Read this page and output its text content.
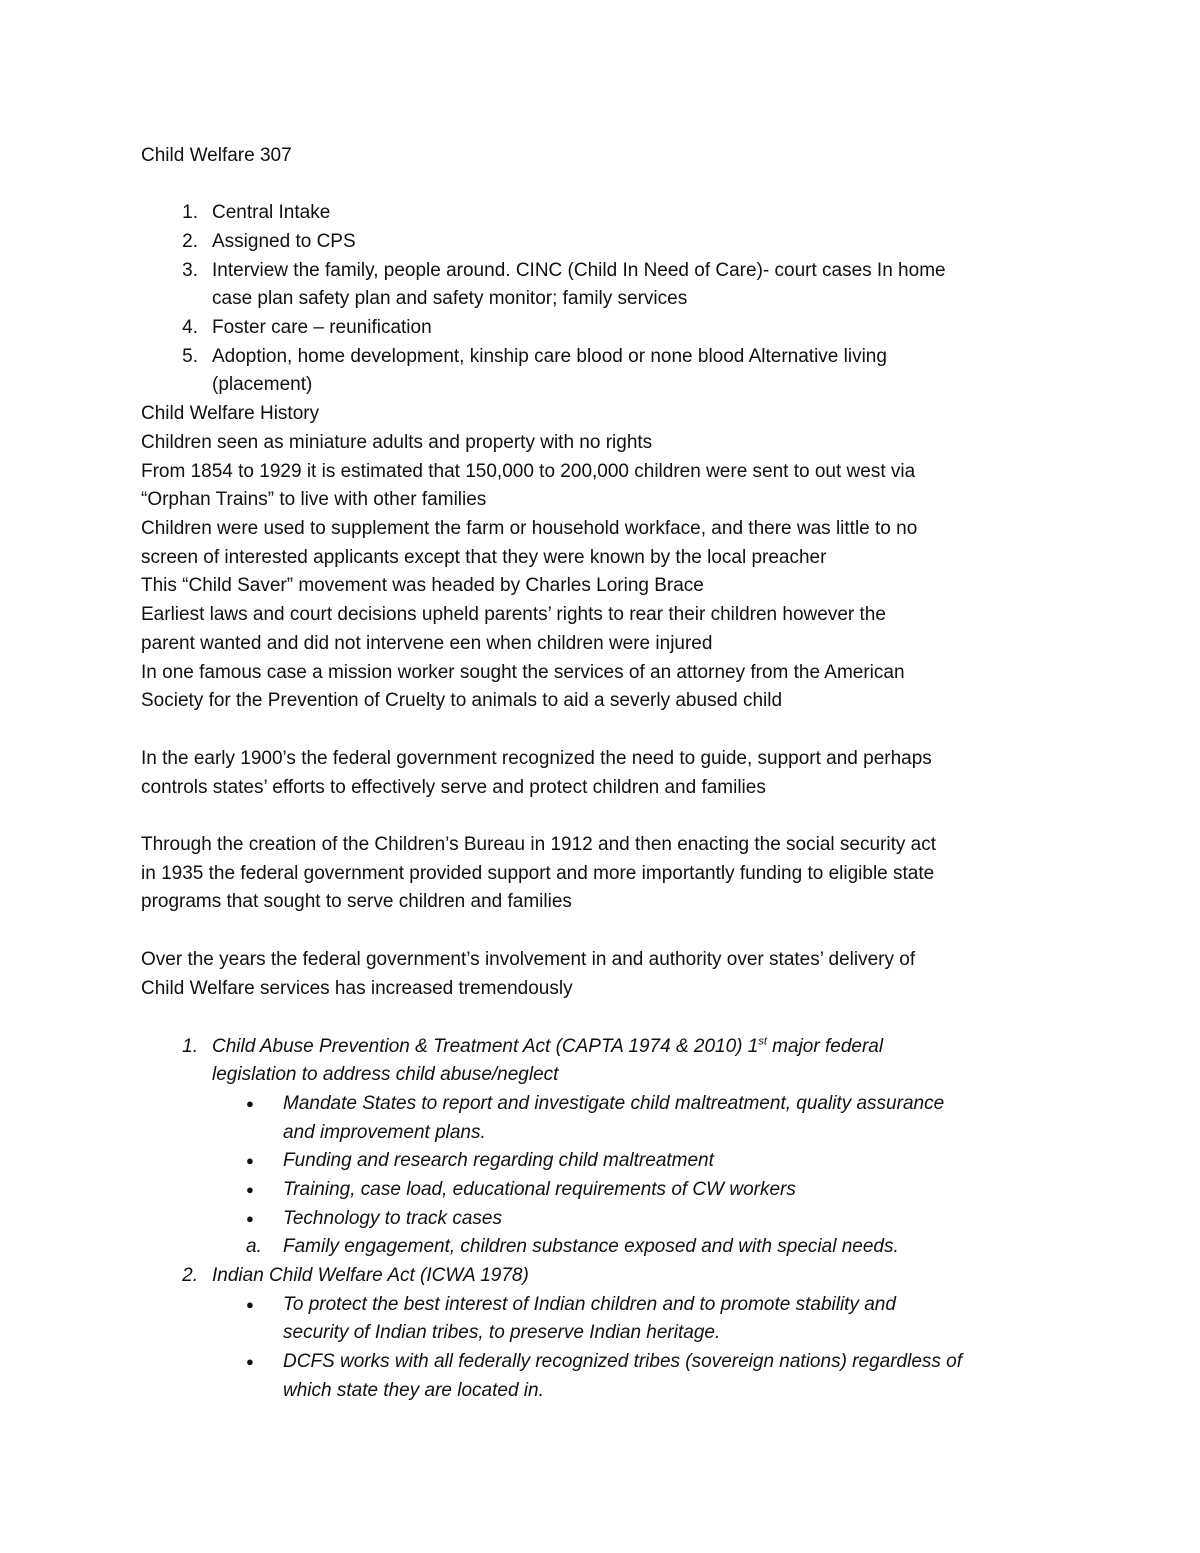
Child Welfare 307
1. Central Intake
2. Assigned to CPS
3. Interview the family, people around. CINC (Child In Need of Care)- court cases In home
case plan safety plan and safety monitor; family services
4. Foster care – reunification
5. Adoption, home development, kinship care blood or none blood Alternative living
(placement)
Child Welfare History
Children seen as miniature adults and property with no rights
From 1854 to 1929 it is estimated that 150,000 to 200,000 children were sent to out west via
“Orphan Trains” to live with other families
Children were used to supplement the farm or household workface, and there was little to no
screen of interested applicants except that they were known by the local preacher
This “Child Saver” movement was headed by Charles Loring Brace
Earliest laws and court decisions upheld parents’ rights to rear their children however the
parent wanted and did not intervene een when children were injured
In one famous case a mission worker sought the services of an attorney from the American
Society for the Prevention of Cruelty to animals to aid a severly abused child
In the early 1900’s the federal government recognized the need to guide, support and perhaps
controls states’ efforts to effectively serve and protect children and families
Through the creation of the Children’s Bureau in 1912 and then enacting the social security act
in 1935 the federal government provided support and more importantly funding to eligible state
programs that sought to serve children and families
Over the years the federal government’s involvement in and authority over states’ delivery of
Child Welfare services has increased tremendously
1. Child Abuse Prevention & Treatment Act (CAPTA 1974 & 2010) 1st major federal
legislation to address child abuse/neglect
●	Mandate States to report and investigate child maltreatment, quality assurance
and improvement plans.
●	Funding and research regarding child maltreatment
●	Training, case load, educational requirements of CW workers
●	Technology to track cases
a. Family engagement, children substance exposed and with special needs.
2. Indian Child Welfare Act (ICWA 1978)
●	To protect the best interest of Indian children and to promote stability and
security of Indian tribes, to preserve Indian heritage.
●	DCFS works with all federally recognized tribes (sovereign nations) regardless of
which state they are located in.
